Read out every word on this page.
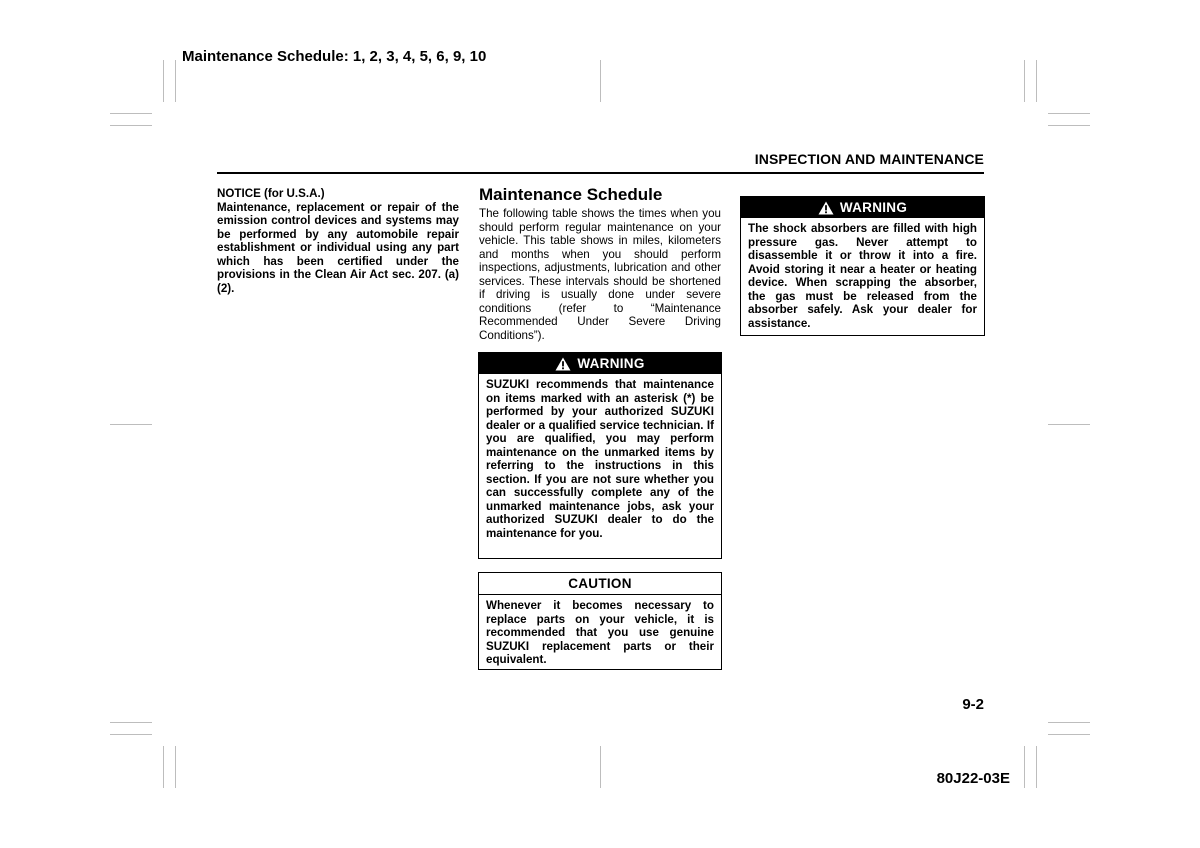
Maintenance Schedule: 1, 2, 3, 4, 5, 6, 9, 10
INSPECTION AND MAINTENANCE

NOTICE (for U.S.A.)

Maintenance, replacement or repair of the emission control devices and systems may be performed by any automobile repair establishment or individual using any part which has been certified under the provisions in the Clean Air Act sec. 207. (a) (2).

Maintenance Schedule
The following table shows the times when you should perform regular maintenance on your vehicle. This table shows in miles, kilometers and months when you should perform inspections, adjustments, lubrication and other services. These intervals should be shortened if driving is usually done under severe conditions (refer to “Maintenance Recommended Under Severe Driving Conditions”).
WARNING
SUZUKI recommends that maintenance on items marked with an asterisk (*) be performed by your authorized SUZUKI dealer or a qualified service technician. If you are qualified, you may perform maintenance on the unmarked items by referring to the instructions in this section. If you are not sure whether you can successfully complete any of the unmarked maintenance jobs, ask your authorized SUZUKI dealer to do the maintenance for you.
CAUTION
Whenever it becomes necessary to replace parts on your vehicle, it is recommended that you use genuine SUZUKI replacement parts or their equivalent.
WARNING
The shock absorbers are filled with high pressure gas. Never attempt to disassemble it or throw it into a fire. Avoid storing it near a heater or heating device. When scrapping the absorber, the gas must be released from the absorber safely. Ask your dealer for assistance.
9-2
80J22-03E
